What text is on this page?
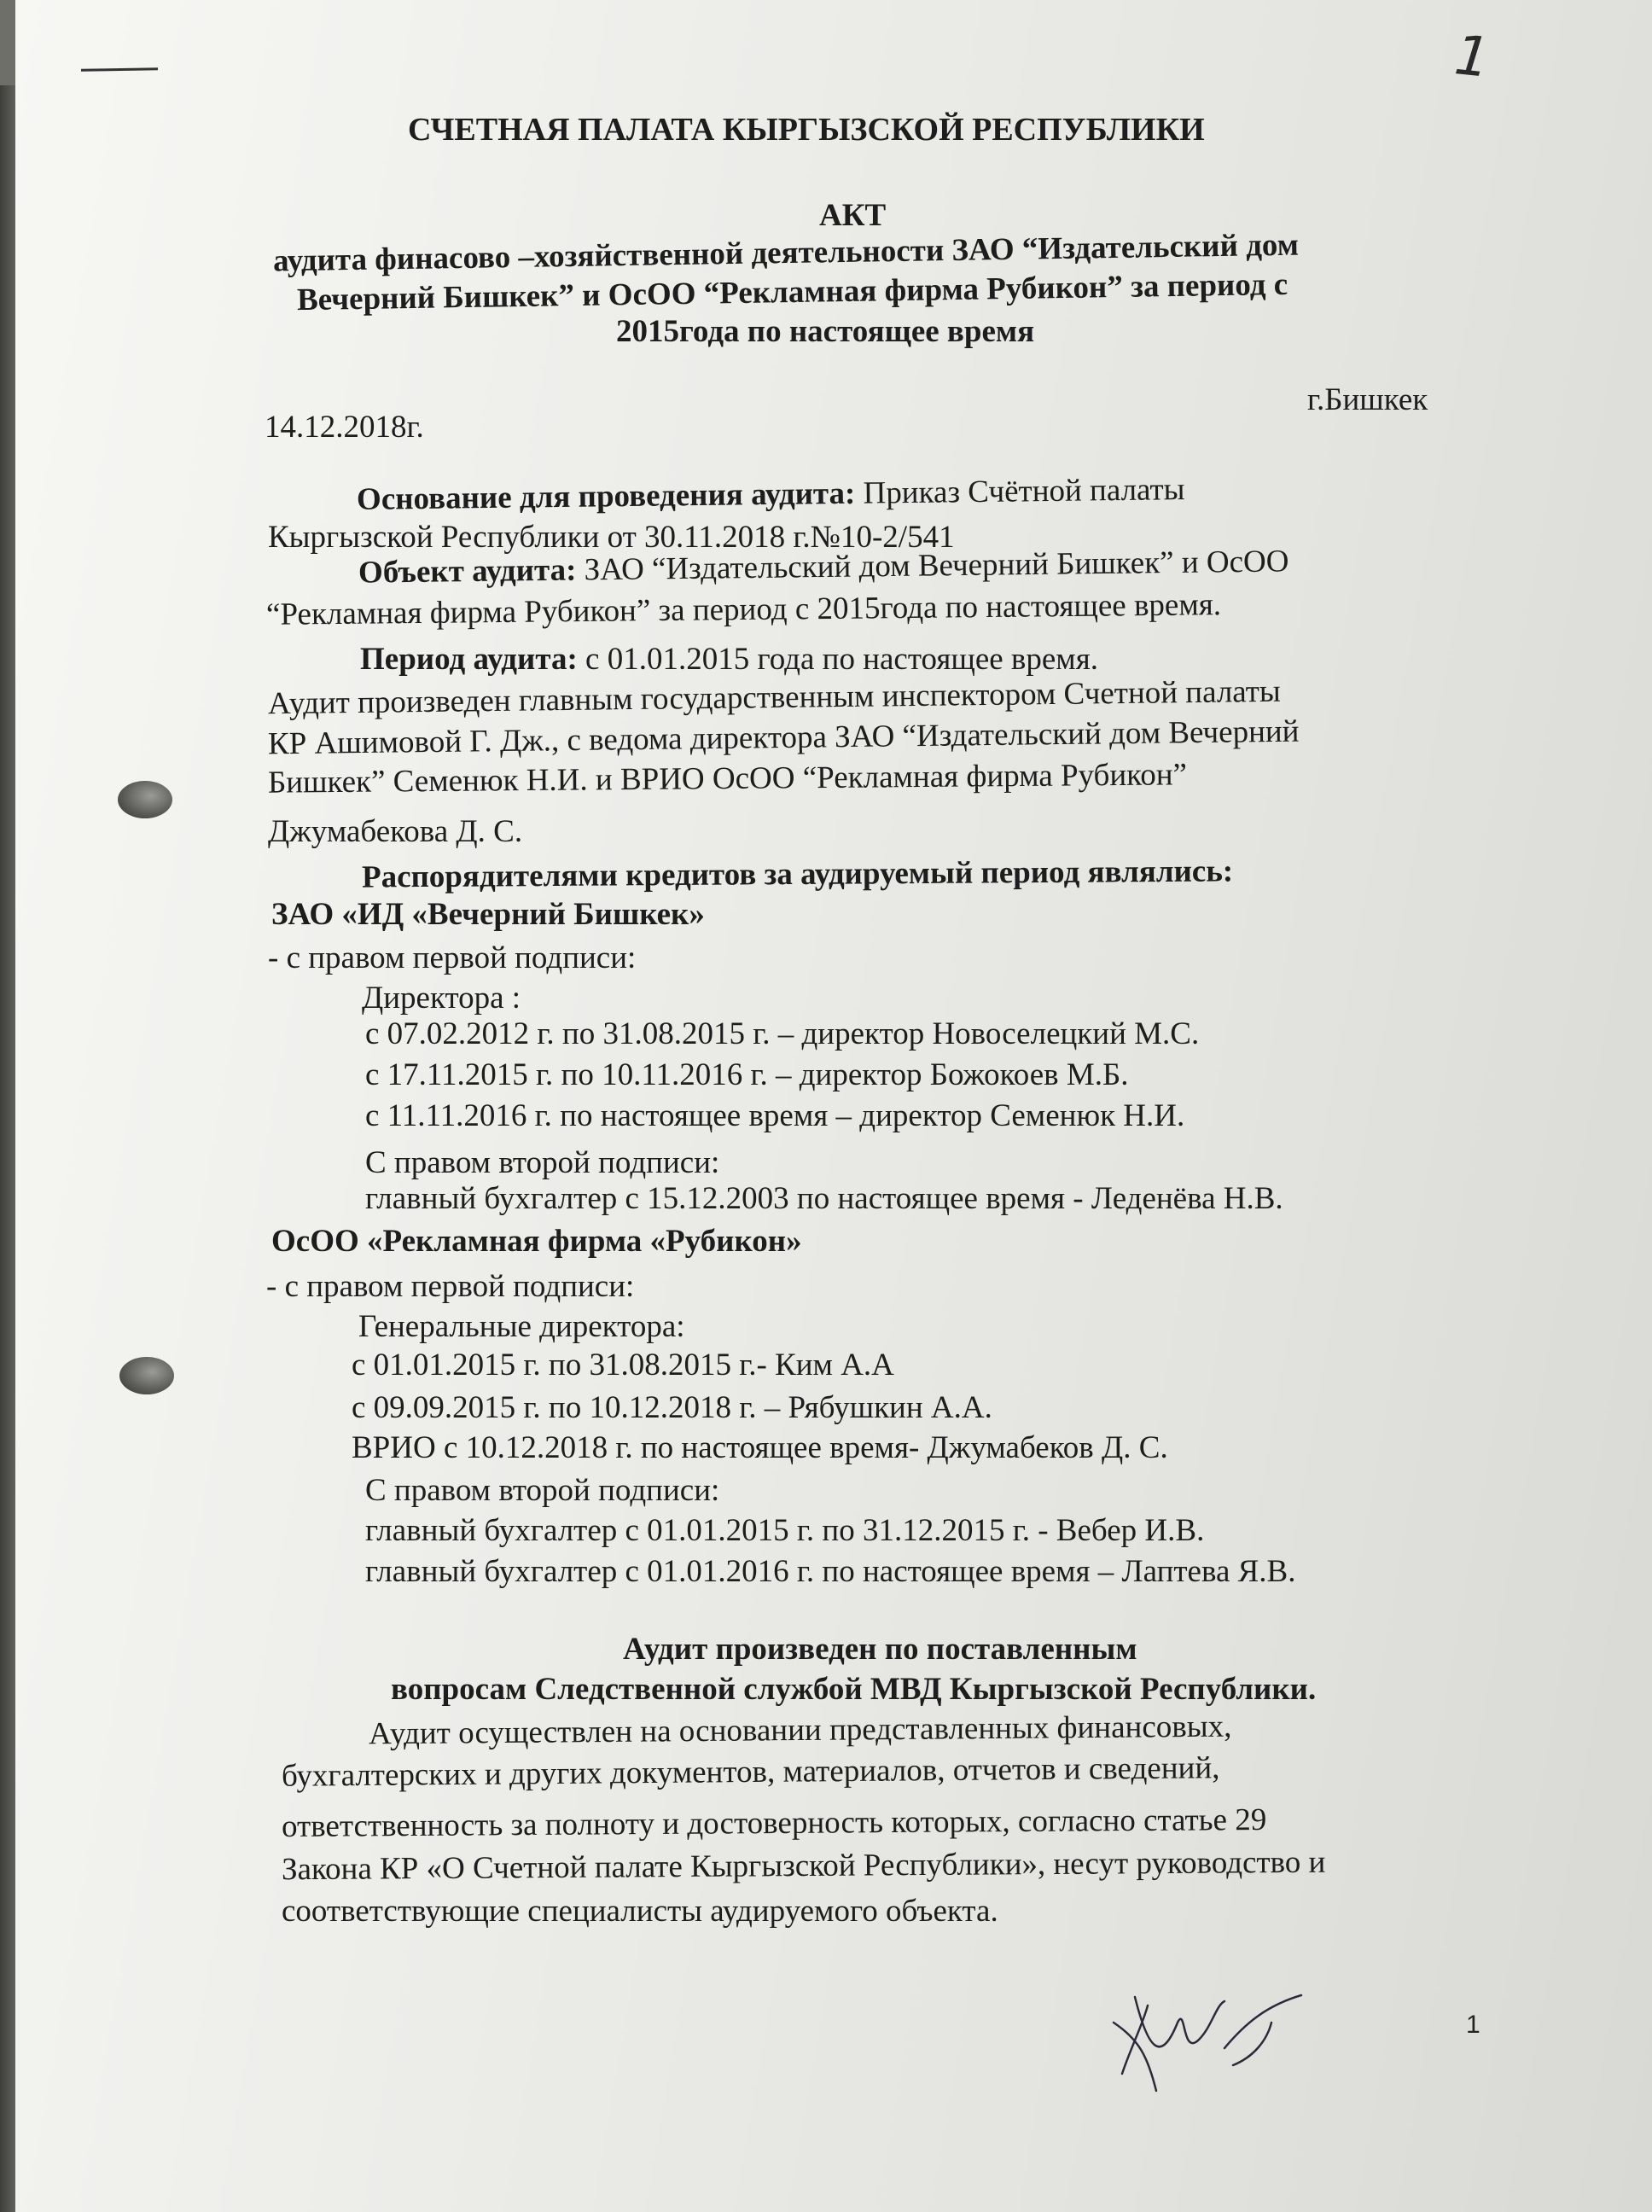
1
СЧЕТНАЯ ПАЛАТА КЫРГЫЗСКОЙ РЕСПУБЛИКИ
АКТ
аудита финасово –хозяйственной деятельности ЗАО “Издательский дом
Вечерний Бишкек” и ОсОО “Рекламная фирма Рубикон” за период с
2015года по настоящее время
г.Бишкек
14.12.2018г.
Основание для проведения аудита: Приказ Счётной палаты
Кыргызской Республики от 30.11.2018 г.№10-2/541
Объект аудита: ЗАО “Издательский дом Вечерний Бишкек” и ОсОО
“Рекламная фирма Рубикон” за период с 2015года по настоящее время.
Период аудита: с 01.01.2015 года по настоящее время.
Аудит произведен главным государственным инспектором Счетной палаты
КР Ашимовой Г. Дж., с ведома директора ЗАО “Издательский дом Вечерний
Бишкек” Семенюк Н.И. и ВРИО ОсОО “Рекламная фирма Рубикон”
Джумабекова Д. С.
Распорядителями кредитов за аудируемый период являлись:
ЗАО «ИД «Вечерний Бишкек»
- с правом первой подписи:
Директора :
с 07.02.2012 г. по 31.08.2015 г. – директор Новоселецкий М.С.
с 17.11.2015 г. по 10.11.2016 г. – директор Божокоев М.Б.
с 11.11.2016 г. по настоящее время – директор Семенюк Н.И.
С правом второй подписи:
главный бухгалтер с 15.12.2003 по настоящее время - Леденёва Н.В.
ОсОО «Рекламная фирма «Рубикон»
- с правом первой подписи:
Генеральные директора:
с 01.01.2015 г. по 31.08.2015 г.- Ким А.А
с 09.09.2015 г. по 10.12.2018 г. – Рябушкин А.А.
ВРИО с 10.12.2018 г. по настоящее время- Джумабеков Д. С.
С правом второй подписи:
главный бухгалтер с 01.01.2015 г. по 31.12.2015 г. - Вебер И.В.
главный бухгалтер с 01.01.2016 г. по настоящее время – Лаптева Я.В.
Аудит произведен по поставленным
вопросам Следственной службой МВД Кыргызской Республики.
Аудит осуществлен на основании представленных финансовых,
бухгалтерских и других документов, материалов, отчетов и сведений,
ответственность за полноту и достоверность которых, согласно статье 29
Закона КР «О Счетной палате Кыргызской Республики», несут руководство и
соответствующие специалисты аудируемого объекта.
1
